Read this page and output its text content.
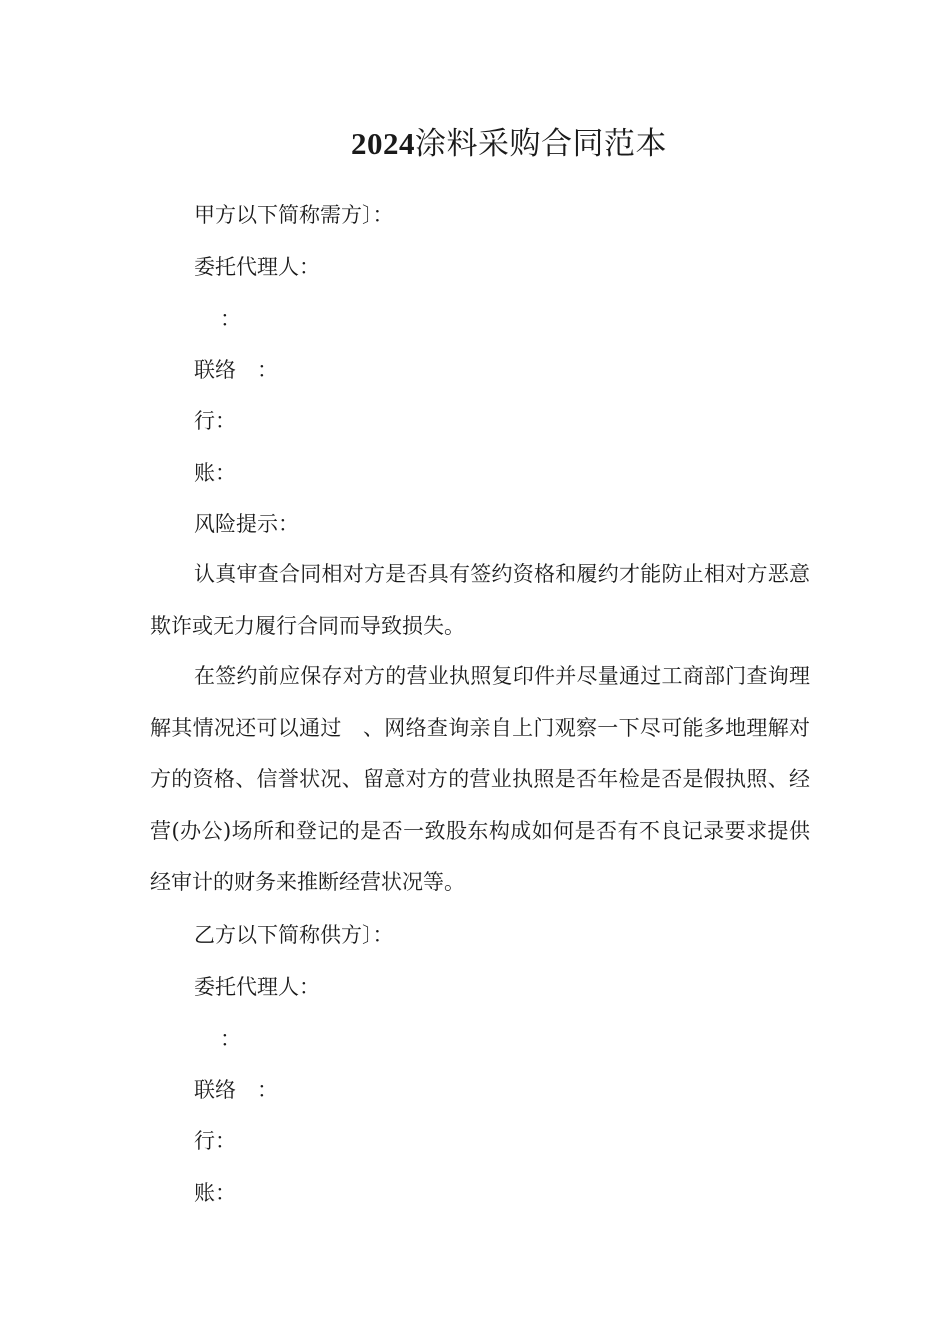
2024涂料采购合同范本
甲方以下简称需方〕：
委托代理人：
：
联络　：
行：
账：
风险提示：
认真审查合同相对方是否具有签约资格和履约才能防止相对方恶意欺诈或无力履行合同而导致损失。
在签约前应保存对方的营业执照复印件并尽量通过工商部门查询理解其情况还可以通过　、网络查询亲自上门观察一下尽可能多地理解对方的资格、信誉状况、留意对方的营业执照是否年检是否是假执照、经营(办公)场所和登记的是否一致股东构成如何是否有不良记录要求提供经审计的财务来推断经营状况等。
乙方以下简称供方〕：
委托代理人：
：
联络　：
行：
账：
